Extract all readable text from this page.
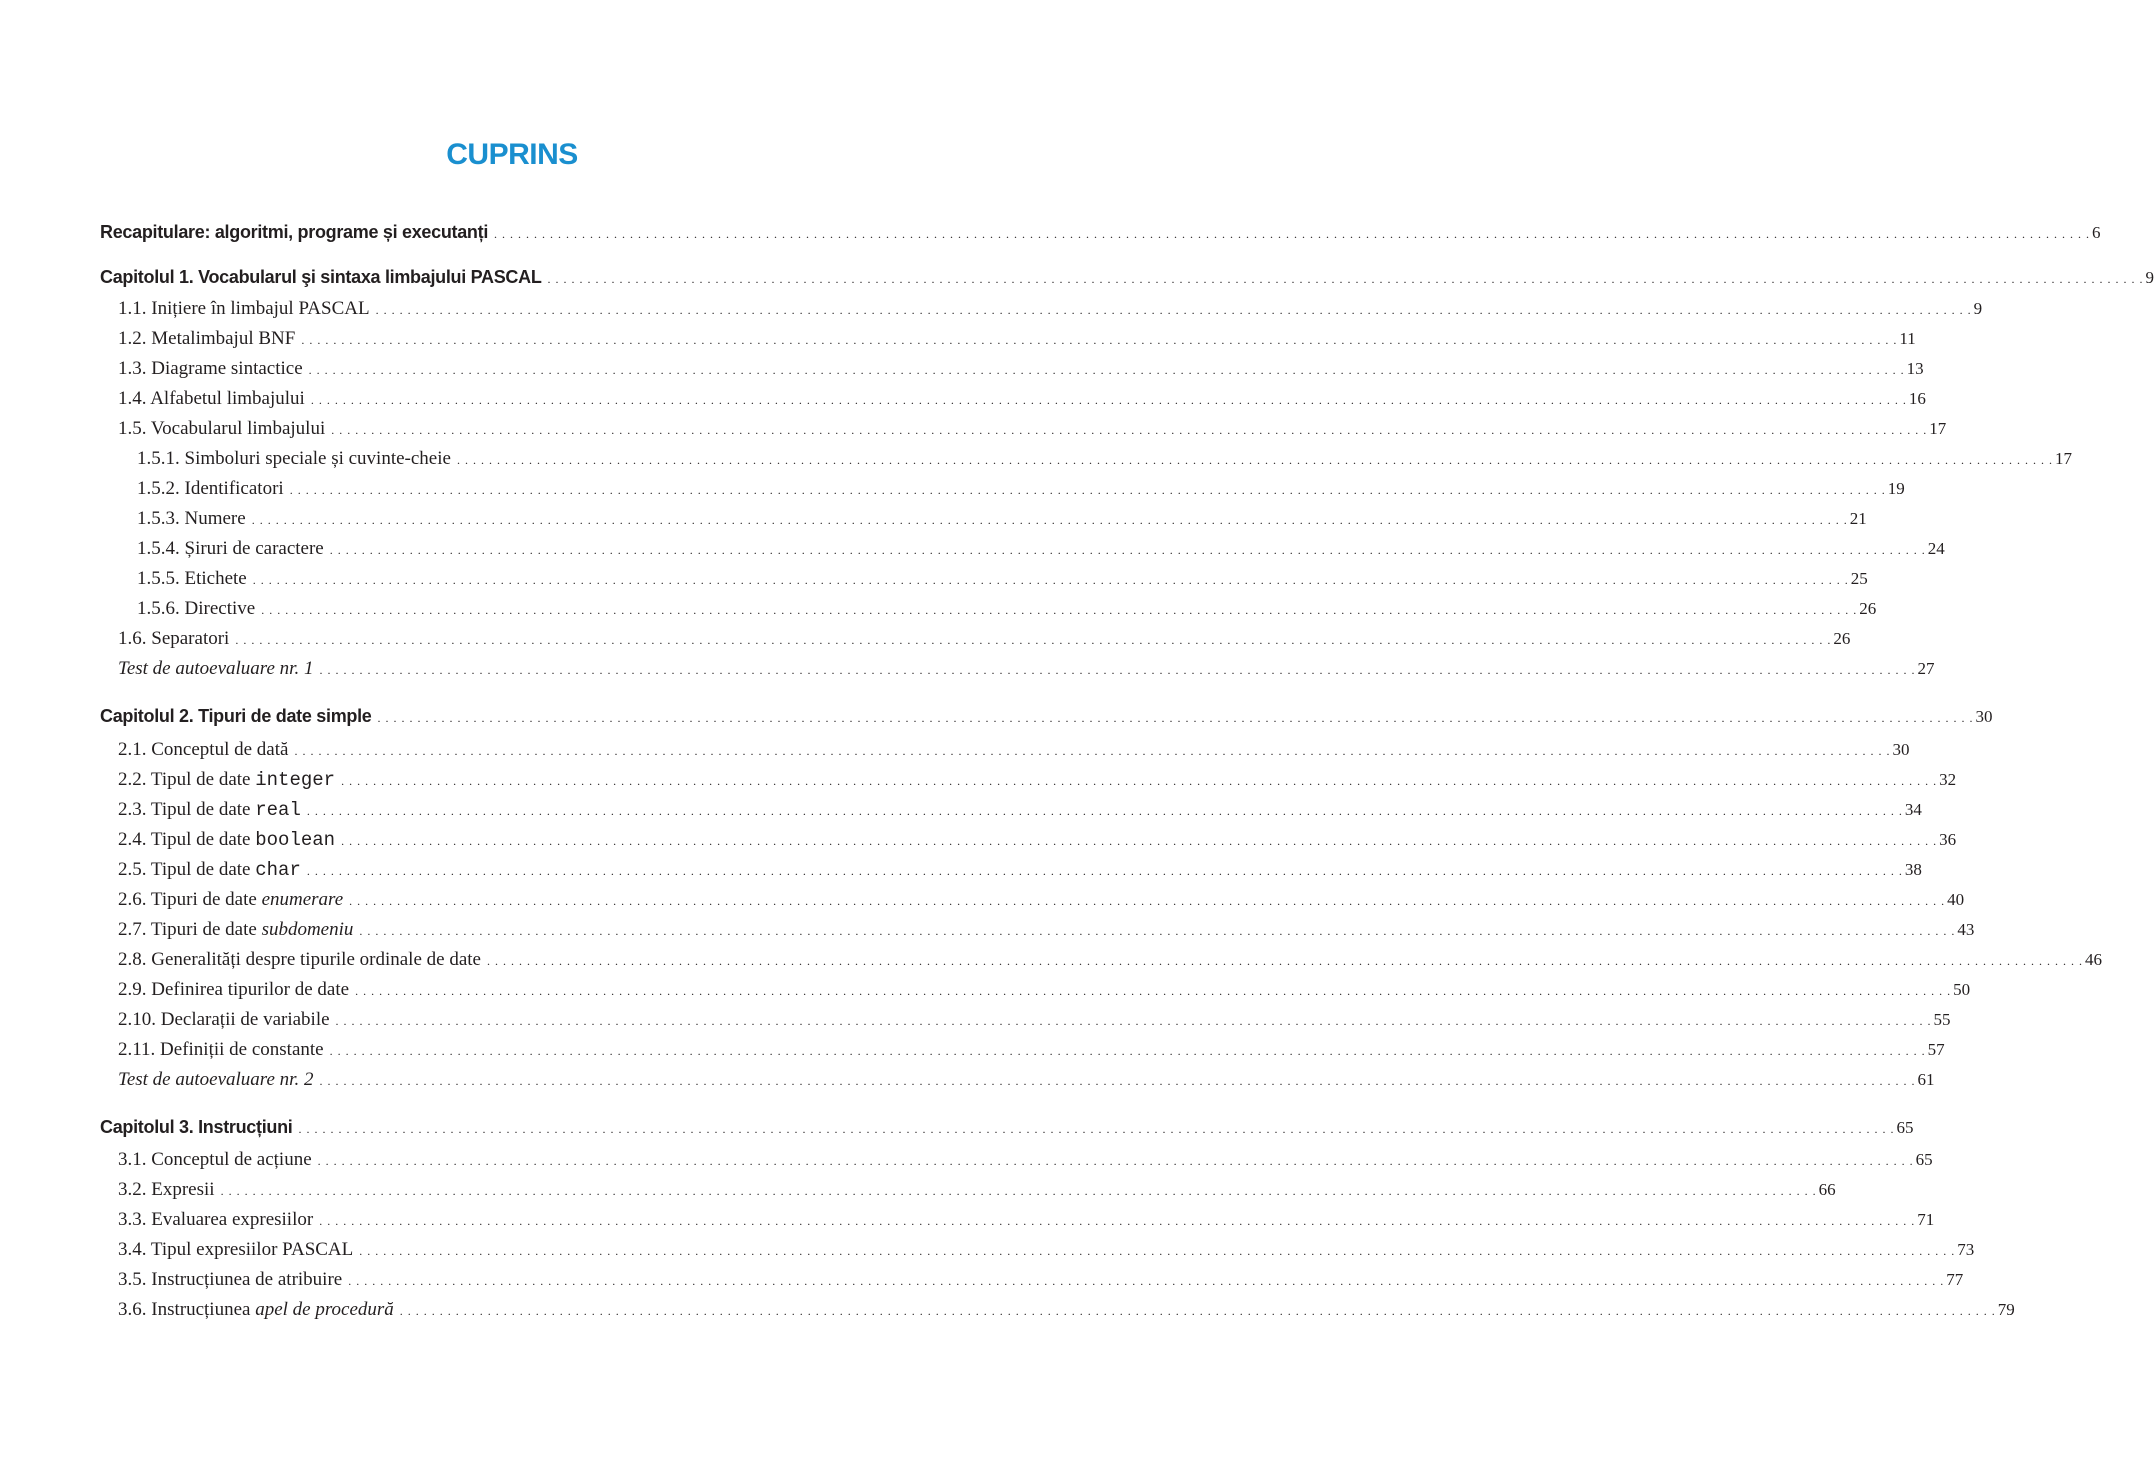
CUPRINS
Recapitulare: algoritmi, programe și executanți . . . . . . . . . . . . . . . . . . . . . . . . . . . . . . . . . . . . . . . . . . . . . . . . . . . . . . . . . . . . . . . . . . . . . . . . . . . . . . . . . . . . . . . . . . . . . . . . . . . . . . . . . . . . . . . . . . . . . . . . . . . . . . . . . . . . . . . . . . . . . . . . . . . . . . . . . . . . . . . . . . . . . . . . . . . . . . . . . . . . . . . . . . . . . . . . . . . . . . . . 6
Capitolul 1. Vocabularul şi sintaxa limbajului PASCAL . . . . . . . . . . . . . . . . . . . . . . . . . . . . . . . . . . . . . . . . . . . . . . . . . . . . . . . . . . . . . . . . . . . . . . . . . . . . . . . . . . . . . . . . . . . . . . . . . . . . . . . . . . . . . . . . . . . . . . . . . . . . . . . . . . . . . . . . . . . . . . . . . . . . . . . . . . . . . . . . . . . . . . . . . . . . . . . . . . . . . . . . . . . . . . . . . . . . . . . . 9
1.1. Inițiere în limbajul PASCAL . . . . . . . . . . . . . . . . . . . . . . . . . . . . . . . . . . . . . . . . . . . . . . . . . . . . . . . . . . . . . . . . . . . . . . . . . . . . . . . . . . . . . . . . . . . . . . . . . . . . . . . . . . . . . . . . . . . . . . . . . . . . . . . . . . . . . . . . . . . . . . . . . . . . . . . . . . . . . . . . . . . . . . . . . . . . . . . . . . . . . . . . . . . . . . . . . . . . . . . . 9
1.2. Metalimbajul BNF . . . . . . . . . . . . . . . . . . . . . . . . . . . . . . . . . . . . . . . . . . . . . . . . . . . . . . . . . . . . . . . . . . . . . . . . . . . . . . . . . . . . . . . . . . . . . . . . . . . . . . . . . . . . . . . . . . . . . . . . . . . . . . . . . . . . . . . . . . . . . . . . . . . . . . . . . . . . . . . . . . . . . . . . . . . . . . . . . . . . . . . . . . . . . . . . . . . . . . . . 11
1.3. Diagrame sintactice . . . . . . . . . . . . . . . . . . . . . . . . . . . . . . . . . . . . . . . . . . . . . . . . . . . . . . . . . . . . . . . . . . . . . . . . . . . . . . . . . . . . . . . . . . . . . . . . . . . . . . . . . . . . . . . . . . . . . . . . . . . . . . . . . . . . . . . . . . . . . . . . . . . . . . . . . . . . . . . . . . . . . . . . . . . . . . . . . . . . . . . . . . . . . . . . . . . . . . . . 13
1.4. Alfabetul limbajului . . . . . . . . . . . . . . . . . . . . . . . . . . . . . . . . . . . . . . . . . . . . . . . . . . . . . . . . . . . . . . . . . . . . . . . . . . . . . . . . . . . . . . . . . . . . . . . . . . . . . . . . . . . . . . . . . . . . . . . . . . . . . . . . . . . . . . . . . . . . . . . . . . . . . . . . . . . . . . . . . . . . . . . . . . . . . . . . . . . . . . . . . . . . . . . . . . . . . . . . 16
1.5. Vocabularul limbajului . . . . . . . . . . . . . . . . . . . . . . . . . . . . . . . . . . . . . . . . . . . . . . . . . . . . . . . . . . . . . . . . . . . . . . . . . . . . . . . . . . . . . . . . . . . . . . . . . . . . . . . . . . . . . . . . . . . . . . . . . . . . . . . . . . . . . . . . . . . . . . . . . . . . . . . . . . . . . . . . . . . . . . . . . . . . . . . . . . . . . . . . . . . . . . . . . . . . . . . . 17
1.5.1. Simboluri speciale și cuvinte-cheie . . . . . . . . . . . . . . . . . . . . . . . . . . . . . . . . . . . . . . . . . . . . . . . . . . . . . . . . . . . . . . . . . . . . . . . . . . . . . . . . . . . . . . . . . . . . . . . . . . . . . . . . . . . . . . . . . . . . . . . . . . . . . . . . . . . . . . . . . . . . . . . . . . . . . . . . . . . . . . . . . . . . . . . . . . . . . . . . . . . . . . . . . . . . . . . . . . . . . . . . 17
1.5.2. Identificatori . . . . . . . . . . . . . . . . . . . . . . . . . . . . . . . . . . . . . . . . . . . . . . . . . . . . . . . . . . . . . . . . . . . . . . . . . . . . . . . . . . . . . . . . . . . . . . . . . . . . . . . . . . . . . . . . . . . . . . . . . . . . . . . . . . . . . . . . . . . . . . . . . . . . . . . . . . . . . . . . . . . . . . . . . . . . . . . . . . . . . . . . . . . . . . . . . . . . . . . . 19
1.5.3. Numere . . . . . . . . . . . . . . . . . . . . . . . . . . . . . . . . . . . . . . . . . . . . . . . . . . . . . . . . . . . . . . . . . . . . . . . . . . . . . . . . . . . . . . . . . . . . . . . . . . . . . . . . . . . . . . . . . . . . . . . . . . . . . . . . . . . . . . . . . . . . . . . . . . . . . . . . . . . . . . . . . . . . . . . . . . . . . . . . . . . . . . . . . . . . . . . . . . . . . . . . 21
1.5.4. Șiruri de caractere . . . . . . . . . . . . . . . . . . . . . . . . . . . . . . . . . . . . . . . . . . . . . . . . . . . . . . . . . . . . . . . . . . . . . . . . . . . . . . . . . . . . . . . . . . . . . . . . . . . . . . . . . . . . . . . . . . . . . . . . . . . . . . . . . . . . . . . . . . . . . . . . . . . . . . . . . . . . . . . . . . . . . . . . . . . . . . . . . . . . . . . . . . . . . . . . . . . . . . . . 24
1.5.5. Etichete . . . . . . . . . . . . . . . . . . . . . . . . . . . . . . . . . . . . . . . . . . . . . . . . . . . . . . . . . . . . . . . . . . . . . . . . . . . . . . . . . . . . . . . . . . . . . . . . . . . . . . . . . . . . . . . . . . . . . . . . . . . . . . . . . . . . . . . . . . . . . . . . . . . . . . . . . . . . . . . . . . . . . . . . . . . . . . . . . . . . . . . . . . . . . . . . . . . . . . . . 25
1.5.6. Directive . . . . . . . . . . . . . . . . . . . . . . . . . . . . . . . . . . . . . . . . . . . . . . . . . . . . . . . . . . . . . . . . . . . . . . . . . . . . . . . . . . . . . . . . . . . . . . . . . . . . . . . . . . . . . . . . . . . . . . . . . . . . . . . . . . . . . . . . . . . . . . . . . . . . . . . . . . . . . . . . . . . . . . . . . . . . . . . . . . . . . . . . . . . . . . . . . . . . . . . . 26
1.6. Separatori . . . . . . . . . . . . . . . . . . . . . . . . . . . . . . . . . . . . . . . . . . . . . . . . . . . . . . . . . . . . . . . . . . . . . . . . . . . . . . . . . . . . . . . . . . . . . . . . . . . . . . . . . . . . . . . . . . . . . . . . . . . . . . . . . . . . . . . . . . . . . . . . . . . . . . . . . . . . . . . . . . . . . . . . . . . . . . . . . . . . . . . . . . . . . . . . . . . . . . . . 26
Test de autoevaluare nr. 1 . . . . . . . . . . . . . . . . . . . . . . . . . . . . . . . . . . . . . . . . . . . . . . . . . . . . . . . . . . . . . . . . . . . . . . . . . . . . . . . . . . . . . . . . . . . . . . . . . . . . . . . . . . . . . . . . . . . . . . . . . . . . . . . . . . . . . . . . . . . . . . . . . . . . . . . . . . . . . . . . . . . . . . . . . . . . . . . . . . . . . . . . . . . . . . . . . . . . . . . . 27
Capitolul 2. Tipuri de date simple . . . . . . . . . . . . . . . . . . . . . . . . . . . . . . . . . . . . . . . . . . . . . . . . . . . . . . . . . . . . . . . . . . . . . . . . . . . . . . . . . . . . . . . . . . . . . . . . . . . . . . . . . . . . . . . . . . . . . . . . . . . . . . . . . . . . . . . . . . . . . . . . . . . . . . . . . . . . . . . . . . . . . . . . . . . . . . . . . . . . . . . . . . . . . . . . . . . . . . . . 30
2.1. Conceptul de dată . . . . . . . . . . . . . . . . . . . . . . . . . . . . . . . . . . . . . . . . . . . . . . . . . . . . . . . . . . . . . . . . . . . . . . . . . . . . . . . . . . . . . . . . . . . . . . . . . . . . . . . . . . . . . . . . . . . . . . . . . . . . . . . . . . . . . . . . . . . . . . . . . . . . . . . . . . . . . . . . . . . . . . . . . . . . . . . . . . . . . . . . . . . . . . . . . . . . . . . . 30
2.2. Tipul de date integer . . . . . . . . . . . . . . . . . . . . . . . . . . . . . . . . . . . . . . . . . . . . . . . . . . . . . . . . . . . . . . . . . . . . . . . . . . . . . . . . . . . . . . . . . . . . . . . . . . . . . . . . . . . . . . . . . . . . . . . . . . . . . . . . . . . . . . . . . . . . . . . . . . . . . . . . . . . . . . . . . . . . . . . . . . . . . . . . . . . . . . . . . . . . . . . . . . . . . . . . 32
2.3. Tipul de date real . . . . . . . . . . . . . . . . . . . . . . . . . . . . . . . . . . . . . . . . . . . . . . . . . . . . . . . . . . . . . . . . . . . . . . . . . . . . . . . . . . . . . . . . . . . . . . . . . . . . . . . . . . . . . . . . . . . . . . . . . . . . . . . . . . . . . . . . . . . . . . . . . . . . . . . . . . . . . . . . . . . . . . . . . . . . . . . . . . . . . . . . . . . . . . . . . . . . . . . . 34
2.4. Tipul de date boolean . . . . . . . . . . . . . . . . . . . . . . . . . . . . . . . . . . . . . . . . . . . . . . . . . . . . . . . . . . . . . . . . . . . . . . . . . . . . . . . . . . . . . . . . . . . . . . . . . . . . . . . . . . . . . . . . . . . . . . . . . . . . . . . . . . . . . . . . . . . . . . . . . . . . . . . . . . . . . . . . . . . . . . . . . . . . . . . . . . . . . . . . . . . . . . . . . . . . . . . . 36
2.5. Tipul de date char . . . . . . . . . . . . . . . . . . . . . . . . . . . . . . . . . . . . . . . . . . . . . . . . . . . . . . . . . . . . . . . . . . . . . . . . . . . . . . . . . . . . . . . . . . . . . . . . . . . . . . . . . . . . . . . . . . . . . . . . . . . . . . . . . . . . . . . . . . . . . . . . . . . . . . . . . . . . . . . . . . . . . . . . . . . . . . . . . . . . . . . . . . . . . . . . . . . . . . . . 38
2.6. Tipuri de date enumerare . . . . . . . . . . . . . . . . . . . . . . . . . . . . . . . . . . . . . . . . . . . . . . . . . . . . . . . . . . . . . . . . . . . . . . . . . . . . . . . . . . . . . . . . . . . . . . . . . . . . . . . . . . . . . . . . . . . . . . . . . . . . . . . . . . . . . . . . . . . . . . . . . . . . . . . . . . . . . . . . . . . . . . . . . . . . . . . . . . . . . . . . . . . . . . . . . . . . . . . . 40
2.7. Tipuri de date subdomeniu . . . . . . . . . . . . . . . . . . . . . . . . . . . . . . . . . . . . . . . . . . . . . . . . . . . . . . . . . . . . . . . . . . . . . . . . . . . . . . . . . . . . . . . . . . . . . . . . . . . . . . . . . . . . . . . . . . . . . . . . . . . . . . . . . . . . . . . . . . . . . . . . . . . . . . . . . . . . . . . . . . . . . . . . . . . . . . . . . . . . . . . . . . . . . . . . . . . . . . . . 43
2.8. Generalități despre tipurile ordinale de date . . . . . . . . . . . . . . . . . . . . . . . . . . . . . . . . . . . . . . . . . . . . . . . . . . . . . . . . . . . . . . . . . . . . . . . . . . . . . . . . . . . . . . . . . . . . . . . . . . . . . . . . . . . . . . . . . . . . . . . . . . . . . . . . . . . . . . . . . . . . . . . . . . . . . . . . . . . . . . . . . . . . . . . . . . . . . . . . . . . . . . . . . . . . . . . . . . . . . . . . 46
2.9. Definirea tipurilor de date . . . . . . . . . . . . . . . . . . . . . . . . . . . . . . . . . . . . . . . . . . . . . . . . . . . . . . . . . . . . . . . . . . . . . . . . . . . . . . . . . . . . . . . . . . . . . . . . . . . . . . . . . . . . . . . . . . . . . . . . . . . . . . . . . . . . . . . . . . . . . . . . . . . . . . . . . . . . . . . . . . . . . . . . . . . . . . . . . . . . . . . . . . . . . . . . . . . . . . . . 50
2.10. Declarații de variabile . . . . . . . . . . . . . . . . . . . . . . . . . . . . . . . . . . . . . . . . . . . . . . . . . . . . . . . . . . . . . . . . . . . . . . . . . . . . . . . . . . . . . . . . . . . . . . . . . . . . . . . . . . . . . . . . . . . . . . . . . . . . . . . . . . . . . . . . . . . . . . . . . . . . . . . . . . . . . . . . . . . . . . . . . . . . . . . . . . . . . . . . . . . . . . . . . . . . . . . . 55
2.11. Definiții de constante . . . . . . . . . . . . . . . . . . . . . . . . . . . . . . . . . . . . . . . . . . . . . . . . . . . . . . . . . . . . . . . . . . . . . . . . . . . . . . . . . . . . . . . . . . . . . . . . . . . . . . . . . . . . . . . . . . . . . . . . . . . . . . . . . . . . . . . . . . . . . . . . . . . . . . . . . . . . . . . . . . . . . . . . . . . . . . . . . . . . . . . . . . . . . . . . . . . . . . . . 57
Test de autoevaluare nr. 2 . . . . . . . . . . . . . . . . . . . . . . . . . . . . . . . . . . . . . . . . . . . . . . . . . . . . . . . . . . . . . . . . . . . . . . . . . . . . . . . . . . . . . . . . . . . . . . . . . . . . . . . . . . . . . . . . . . . . . . . . . . . . . . . . . . . . . . . . . . . . . . . . . . . . . . . . . . . . . . . . . . . . . . . . . . . . . . . . . . . . . . . . . . . . . . . . . . . . . . . . 61
Capitolul 3. Instrucțiuni . . . . . . . . . . . . . . . . . . . . . . . . . . . . . . . . . . . . . . . . . . . . . . . . . . . . . . . . . . . . . . . . . . . . . . . . . . . . . . . . . . . . . . . . . . . . . . . . . . . . . . . . . . . . . . . . . . . . . . . . . . . . . . . . . . . . . . . . . . . . . . . . . . . . . . . . . . . . . . . . . . . . . . . . . . . . . . . . . . . . . . . . . . . . . . . . . . . . . . . . 65
3.1. Conceptul de acțiune . . . . . . . . . . . . . . . . . . . . . . . . . . . . . . . . . . . . . . . . . . . . . . . . . . . . . . . . . . . . . . . . . . . . . . . . . . . . . . . . . . . . . . . . . . . . . . . . . . . . . . . . . . . . . . . . . . . . . . . . . . . . . . . . . . . . . . . . . . . . . . . . . . . . . . . . . . . . . . . . . . . . . . . . . . . . . . . . . . . . . . . . . . . . . . . . . . . . . . . . 65
3.2. Expresii . . . . . . . . . . . . . . . . . . . . . . . . . . . . . . . . . . . . . . . . . . . . . . . . . . . . . . . . . . . . . . . . . . . . . . . . . . . . . . . . . . . . . . . . . . . . . . . . . . . . . . . . . . . . . . . . . . . . . . . . . . . . . . . . . . . . . . . . . . . . . . . . . . . . . . . . . . . . . . . . . . . . . . . . . . . . . . . . . . . . . . . . . . . . . . . . . . . . . . . . 66
3.3. Evaluarea expresiilor . . . . . . . . . . . . . . . . . . . . . . . . . . . . . . . . . . . . . . . . . . . . . . . . . . . . . . . . . . . . . . . . . . . . . . . . . . . . . . . . . . . . . . . . . . . . . . . . . . . . . . . . . . . . . . . . . . . . . . . . . . . . . . . . . . . . . . . . . . . . . . . . . . . . . . . . . . . . . . . . . . . . . . . . . . . . . . . . . . . . . . . . . . . . . . . . . . . . . . . . 71
3.4. Tipul expresiilor PASCAL . . . . . . . . . . . . . . . . . . . . . . . . . . . . . . . . . . . . . . . . . . . . . . . . . . . . . . . . . . . . . . . . . . . . . . . . . . . . . . . . . . . . . . . . . . . . . . . . . . . . . . . . . . . . . . . . . . . . . . . . . . . . . . . . . . . . . . . . . . . . . . . . . . . . . . . . . . . . . . . . . . . . . . . . . . . . . . . . . . . . . . . . . . . . . . . . . . . . . . . . 73
3.5. Instrucțiunea de atribuire . . . . . . . . . . . . . . . . . . . . . . . . . . . . . . . . . . . . . . . . . . . . . . . . . . . . . . . . . . . . . . . . . . . . . . . . . . . . . . . . . . . . . . . . . . . . . . . . . . . . . . . . . . . . . . . . . . . . . . . . . . . . . . . . . . . . . . . . . . . . . . . . . . . . . . . . . . . . . . . . . . . . . . . . . . . . . . . . . . . . . . . . . . . . . . . . . . . . . . . . 77
3.6. Instrucțiunea apel de procedură . . . . . . . . . . . . . . . . . . . . . . . . . . . . . . . . . . . . . . . . . . . . . . . . . . . . . . . . . . . . . . . . . . . . . . . . . . . . . . . . . . . . . . . . . . . . . . . . . . . . . . . . . . . . . . . . . . . . . . . . . . . . . . . . . . . . . . . . . . . . . . . . . . . . . . . . . . . . . . . . . . . . . . . . . . . . . . . . . . . . . . . . . . . . . . . . . . . . . . . . 79
